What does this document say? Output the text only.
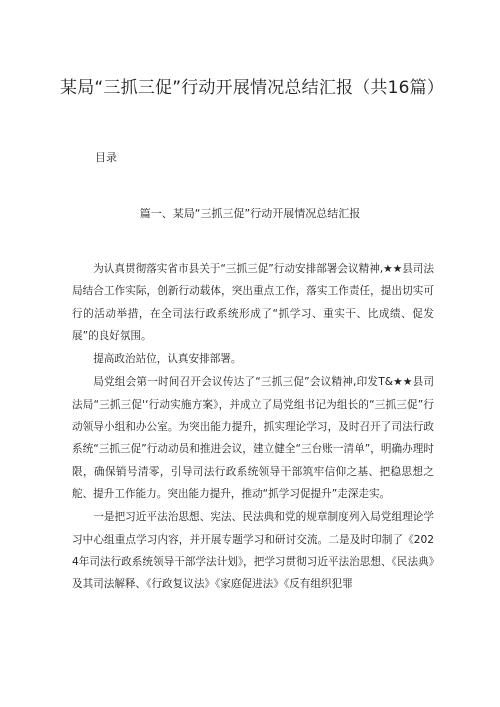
某局“三抓三促”行动开展情况总结汇报（共16篇）
目录
篇一、某局“三抓三促”行动开展情况总结汇报

为认真贯彻落实省市县关于“三抓三促”行动安排部署会议精神,★★县司法局结合工作实际，创新行动载体，突出重点工作，落实工作责任，提出切实可行的活动举措，在全司法行政系统形成了“抓学习、重实干、比成绩、促发展”的良好氛围。

提高政治站位，认真安排部署。

局党组会第一时间召开会议传达了“三抓三促”会议精神,印发T&★★县司法局“三抓三促'‘行动实施方案》，并成立了局党组书记为组长的“三抓三促”行动领导小组和办公室。为突出能力提升，抓实理论学习，及时召开了司法行政系统“三抓三促”行动动员和推进会议，建立健全“三台账一清单”，明确办理时限，确保销号清零，引导司法行政系统领导干部筑牢信仰之基、把稳思想之舵、提升工作能力。突出能力提升，推动“抓学习促提升”走深走实。

一是把习近平法治思想、宪法、民法典和党的规章制度列入局党组理论学习中心组重点学习内容，并开展专题学习和研讨交流。二是及时印制了《2024年司法行政系统领导干部学法计划》，把学习贯彻习近平法治思想、《民法典》及其司法解释、《行政复议法》《家庭促进法》《反有组织犯罪
